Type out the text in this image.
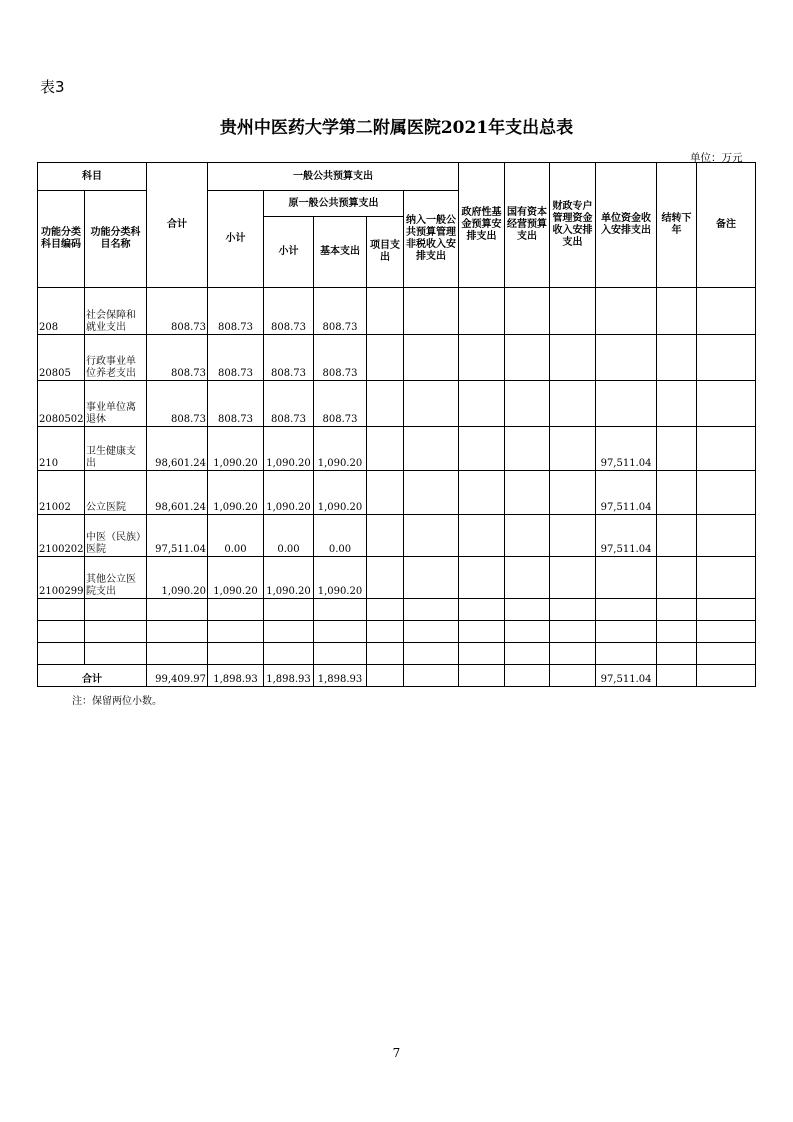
表3
贵州中医药大学第二附属医院2021年支出总表
单位：万元
科目		合计	一般公共预算支出					政府性基金预算安排支出	国有资本经营预算支出	财政专户管理资金收入安排支出	单位资金收入安排支出	结转下年	备注
功能分类科目编码	功能分类科目名称		小计	原一般公共预算支出			纳入一般公共预算管理非税收入安排支出						
				小计	基本支出	项目支出							
208	社会保障和就业支出	808.73	808.73	808.73	808.73								
20805	行政事业单位养老支出	808.73	808.73	808.73	808.73								
2080502	事业单位离退休	808.73	808.73	808.73	808.73								
210	卫生健康支出	98,601.24	1,090.20	1,090.20	1,090.20						97,511.04		
21002	公立医院	98,601.24	1,090.20	1,090.20	1,090.20						97,511.04		
2100202	中医（民族）医院	97,511.04	0.00	0.00	0.00						97,511.04		
2100299	其他公立医院支出	1,090.20	1,090.20	1,090.20	1,090.20								

合计		99,409.97	1,898.93	1,898.93	1,898.93						97,511.04		
注：保留两位小数。
7
